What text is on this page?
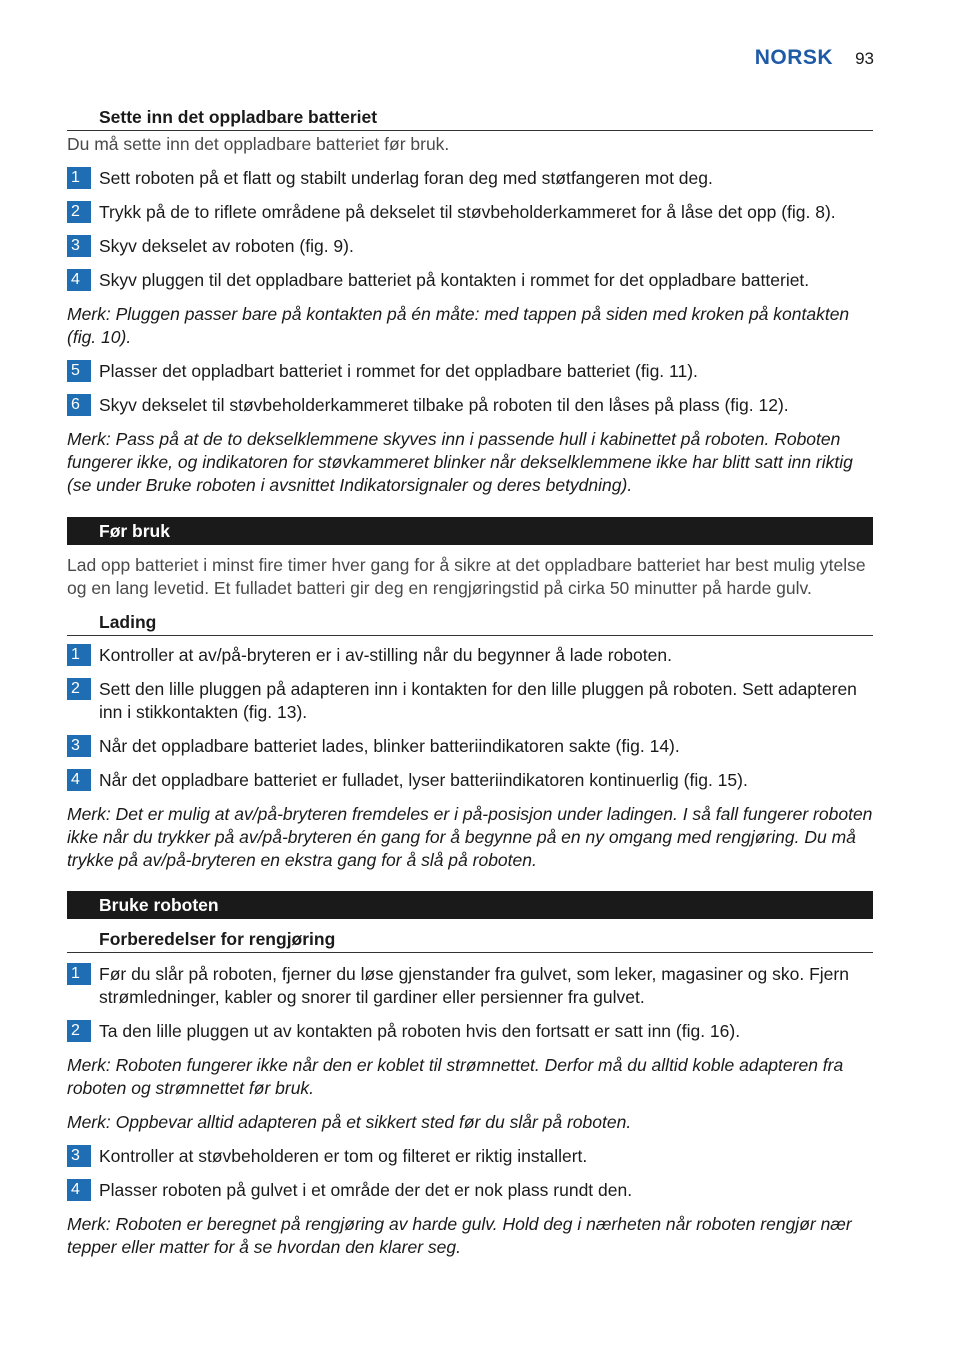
NORSK 93
Sette inn det oppladbare batteriet

Du må sette inn det oppladbare batteriet før bruk.

1	Sett roboten på et flatt og stabilt underlag foran deg med støtfangeren mot deg.
2	Trykk på de to riflete områdene på dekselet til støvbeholderkammeret for å låse det opp (fig. 8).
3	Skyv dekselet av roboten (fig. 9).
4	Skyv pluggen til det oppladbare batteriet på kontakten i rommet for det oppladbare batteriet.

Merk: Pluggen passer bare på kontakten på én måte: med tappen på siden med kroken på kontakten (fig. 10).

5	Plasser det oppladbart batteriet i rommet for det oppladbare batteriet (fig. 11).
6	Skyv dekselet til støvbeholderkammeret tilbake på roboten til den låses på plass (fig. 12).

Merk: Pass på at de to dekselklemmene skyves inn i passende hull i kabinettet på roboten. Roboten fungerer ikke, og indikatoren for støvkammeret blinker når dekselklemmene ikke har blitt satt inn riktig (se under Bruke roboten i avsnittet Indikatorsignaler og deres betydning).

Før bruk

Lad opp batteriet i minst fire timer hver gang for å sikre at det oppladbare batteriet har best mulig ytelse og en lang levetid. Et fulladet batteri gir deg en rengjøringstid på cirka 50 minutter på harde gulv.

Lading
1	Kontroller at av/på-bryteren er i av-stilling når du begynner å lade roboten.
2	Sett den lille pluggen på adapteren inn i kontakten for den lille pluggen på roboten. Sett adapteren inn i stikkontakten (fig. 13).
3	Når det oppladbare batteriet lades, blinker batteriindikatoren sakte (fig. 14).
4	Når det oppladbare batteriet er fulladet, lyser batteriindikatoren kontinuerlig (fig. 15).

Merk: Det er mulig at av/på-bryteren fremdeles er i på-posisjon under ladingen. I så fall fungerer roboten ikke når du trykker på av/på-bryteren én gang for å begynne på en ny omgang med rengjøring. Du må trykke på av/på-bryteren en ekstra gang for å slå på roboten.

Bruke roboten
Forberedelser for rengjøring
1	Før du slår på roboten, fjerner du løse gjenstander fra gulvet, som leker, magasiner og sko. Fjern strømledninger, kabler og snorer til gardiner eller persienner fra gulvet.
2	Ta den lille pluggen ut av kontakten på roboten hvis den fortsatt er satt inn (fig. 16).

Merk: Roboten fungerer ikke når den er koblet til strømnettet. Derfor må du alltid koble adapteren fra roboten og strømnettet før bruk.

Merk: Oppbevar alltid adapteren på et sikkert sted før du slår på roboten.

3	Kontroller at støvbeholderen er tom og filteret er riktig installert.
4	Plasser roboten på gulvet i et område der det er nok plass rundt den.

Merk: Roboten er beregnet på rengjøring av harde gulv. Hold deg i nærheten når roboten rengjør nær tepper eller matter for å se hvordan den klarer seg.
